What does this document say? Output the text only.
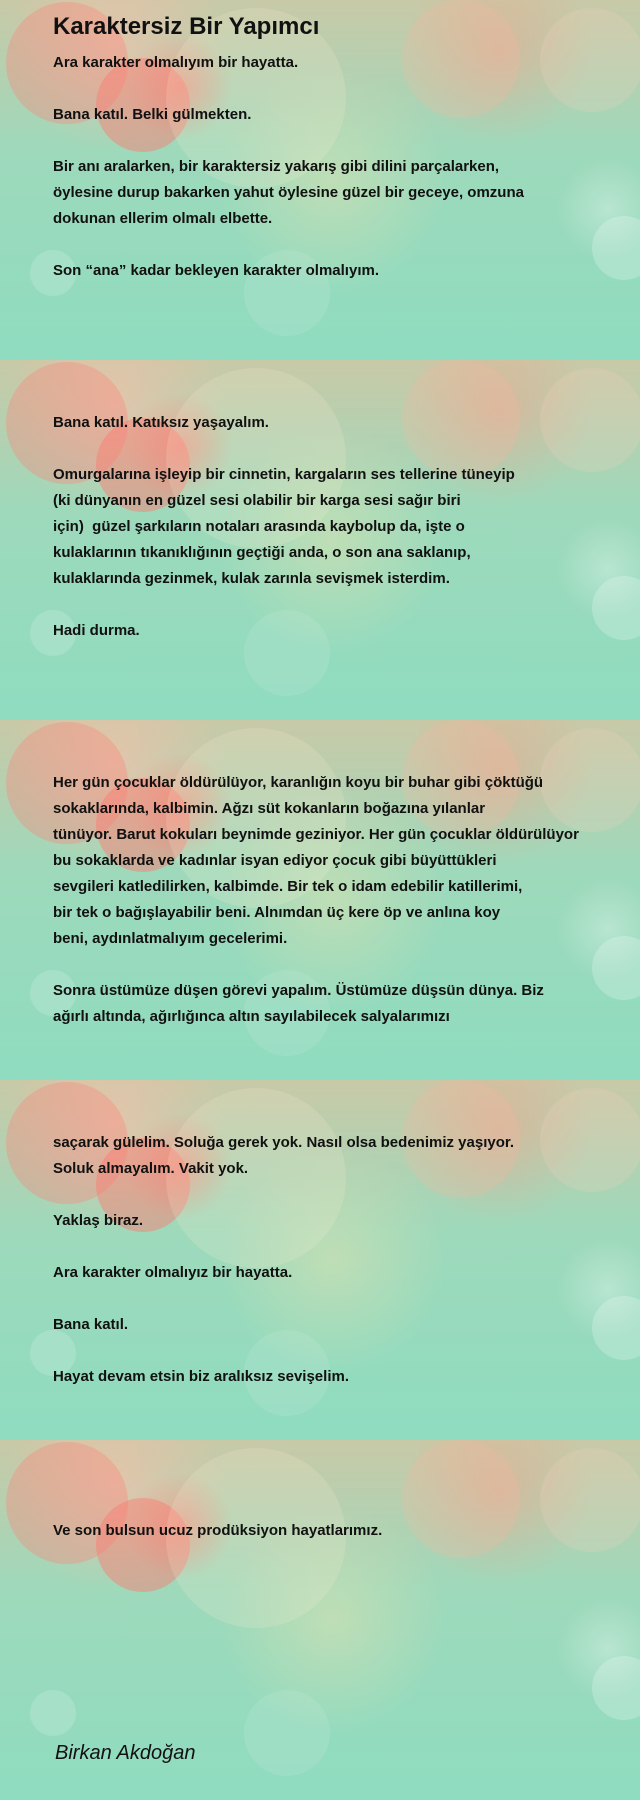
Karaktersiz Bir Yapımcı

Ara karakter olmalıyım bir hayatta.

Bana katıl. Belki gülmekten.

Bir anı aralarken, bir karaktersiz yakarış gibi dilini parçalarken,
öylesine durup bakarken yahut öylesine güzel bir geceye, omzuna
dokunan ellerim olmalı elbette.

Son “ana” kadar bekleyen karakter olmalıyım.

Bana katıl. Katıksız yaşayalım.

Omurgalarına işleyip bir cinnetin, kargaların ses tellerine tüneyip
(ki dünyanın en güzel sesi olabilir bir karga sesi sağır biri
için)  güzel şarkıların notaları arasında kaybolup da, işte o
kulaklarının tıkanıklığının geçtiği anda, o son ana saklanıp,
kulaklarında gezinmek, kulak zarınla sevişmek isterdim.

Hadi durma.

Her gün çocuklar öldürülüyor, karanlığın koyu bir buhar gibi çöktüğü
sokaklarında, kalbimin. Ağzı süt kokanların boğazına yılanlar
tünüyor. Barut kokuları beynimde geziniyor. Her gün çocuklar öldürülüyor
bu sokaklarda ve kadınlar isyan ediyor çocuk gibi büyüttükleri
sevgileri katledilirken, kalbimde. Bir tek o idam edebilir katillerimi,
bir tek o bağışlayabilir beni. Alnımdan üç kere öp ve anlına koy
beni, aydınlatmalıyım gecelerimi.

Sonra üstümüze düşen görevi yapalım. Üstümüze düşsün dünya. Biz
ağırlı altında, ağırlığınca altın sayılabilecek salyalarımızı

saçarak gülelim. Soluğa gerek yok. Nasıl olsa bedenimiz yaşıyor.
Soluk almayalım. Vakit yok.

Yaklaş biraz.

Ara karakter olmalıyız bir hayatta.

Bana katıl.

Hayat devam etsin biz aralıksız sevişelim.

Ve son bulsun ucuz prodüksiyon hayatlarımız.

Birkan Akdoğan
